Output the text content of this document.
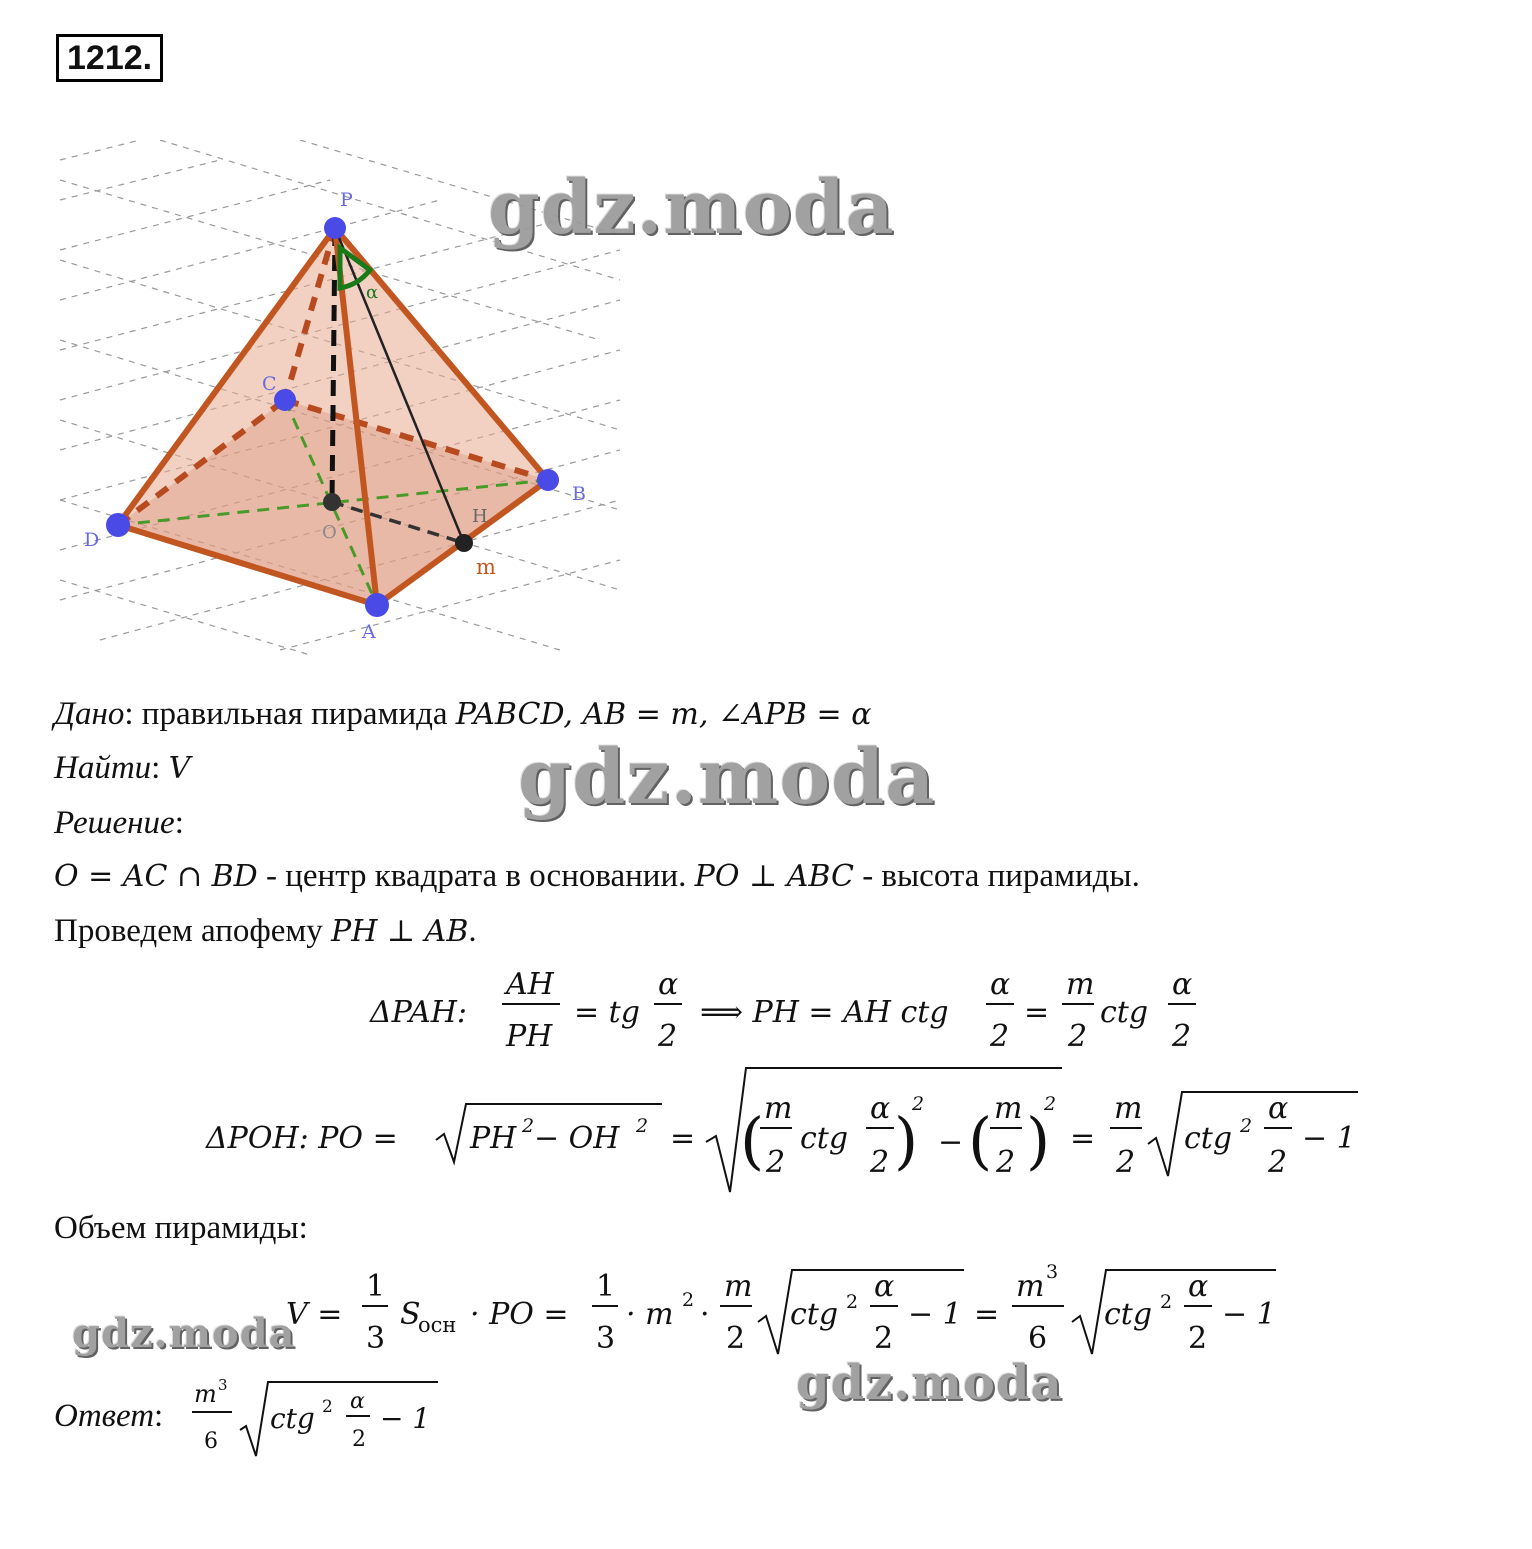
1212.
P
C
B
D
A
O
H
α
m
gdz.moda
gdz.moda
gdz.moda
gdz.moda
Дано: правильная пирамида PABCD, AB = m, ∠APB = α
Найти: V
Решение:
O = AC ∩ BD - центр квадрата в основании. PO ⊥ ABC - высота пирамиды.
Проведем апофему PH ⊥ AB.
ΔPAH:
AH
PH
= tg
α
2
⟹ PH = AH ctg
α
2
=
m
2
ctg
α
2
ΔPOH: PO = PH 2 − OH 2 = ( m
2
ctg
α
2 )
2
− ( m
2 )
2
=
m
2
ctg 2 α
2
− 1
Объем пирамиды:
V =
1
3
S
осн · PO =
1
3
· m 2 ·
m
2
ctg 2 α
2
− 1 =
m 3
6
ctg 2 α
2
− 1
Ответ:
m 3
6
ctg 2 α
2
− 1
